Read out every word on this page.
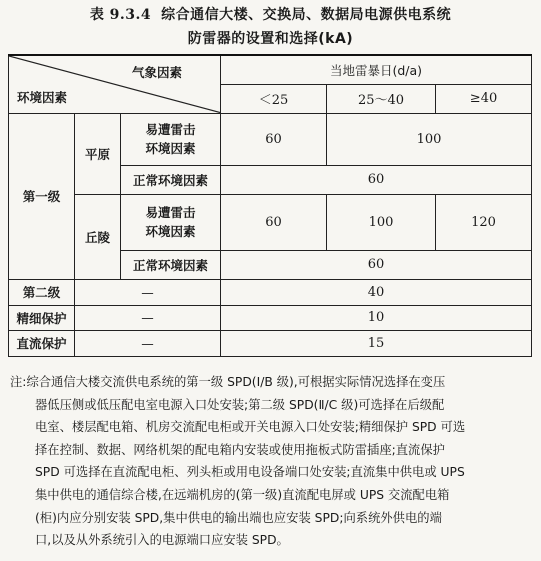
表 9.3.4 综合通信大楼、交换局、数据局电源供电系统
防雷器的设置和选择(kA)
气象因素
环境因素			当地雷暴日(d/a)		
			＜25	25～40	≥40
第一级	平原	易遭雷击
环境因素	60	100	
		正常环境因素	60		
	丘陵	易遭雷击
环境因素	60	100	120
		正常环境因素	60		
第二级	—		40		
精细保护	—		10		
直流保护	—		15		

注:综合通信大楼交流供电系统的第一级 SPD(Ⅰ/B 级),可根据实际情况选择在变压

器低压侧或低压配电室电源入口处安装;第二级 SPD(Ⅱ/C 级)可选择在后级配

电室、楼层配电箱、机房交流配电柜或开关电源入口处安装;精细保护 SPD 可选

择在控制、数据、网络机架的配电箱内安装或使用拖板式防雷插座;直流保护

SPD 可选择在直流配电柜、列头柜或用电设备端口处安装;直流集中供电或 UPS

集中供电的通信综合楼,在远端机房的(第一级)直流配电屏或 UPS 交流配电箱

(柜)内应分别安装 SPD,集中供电的输出端也应安装 SPD;向系统外供电的端

口,以及从外系统引入的电源端口应安装 SPD。
